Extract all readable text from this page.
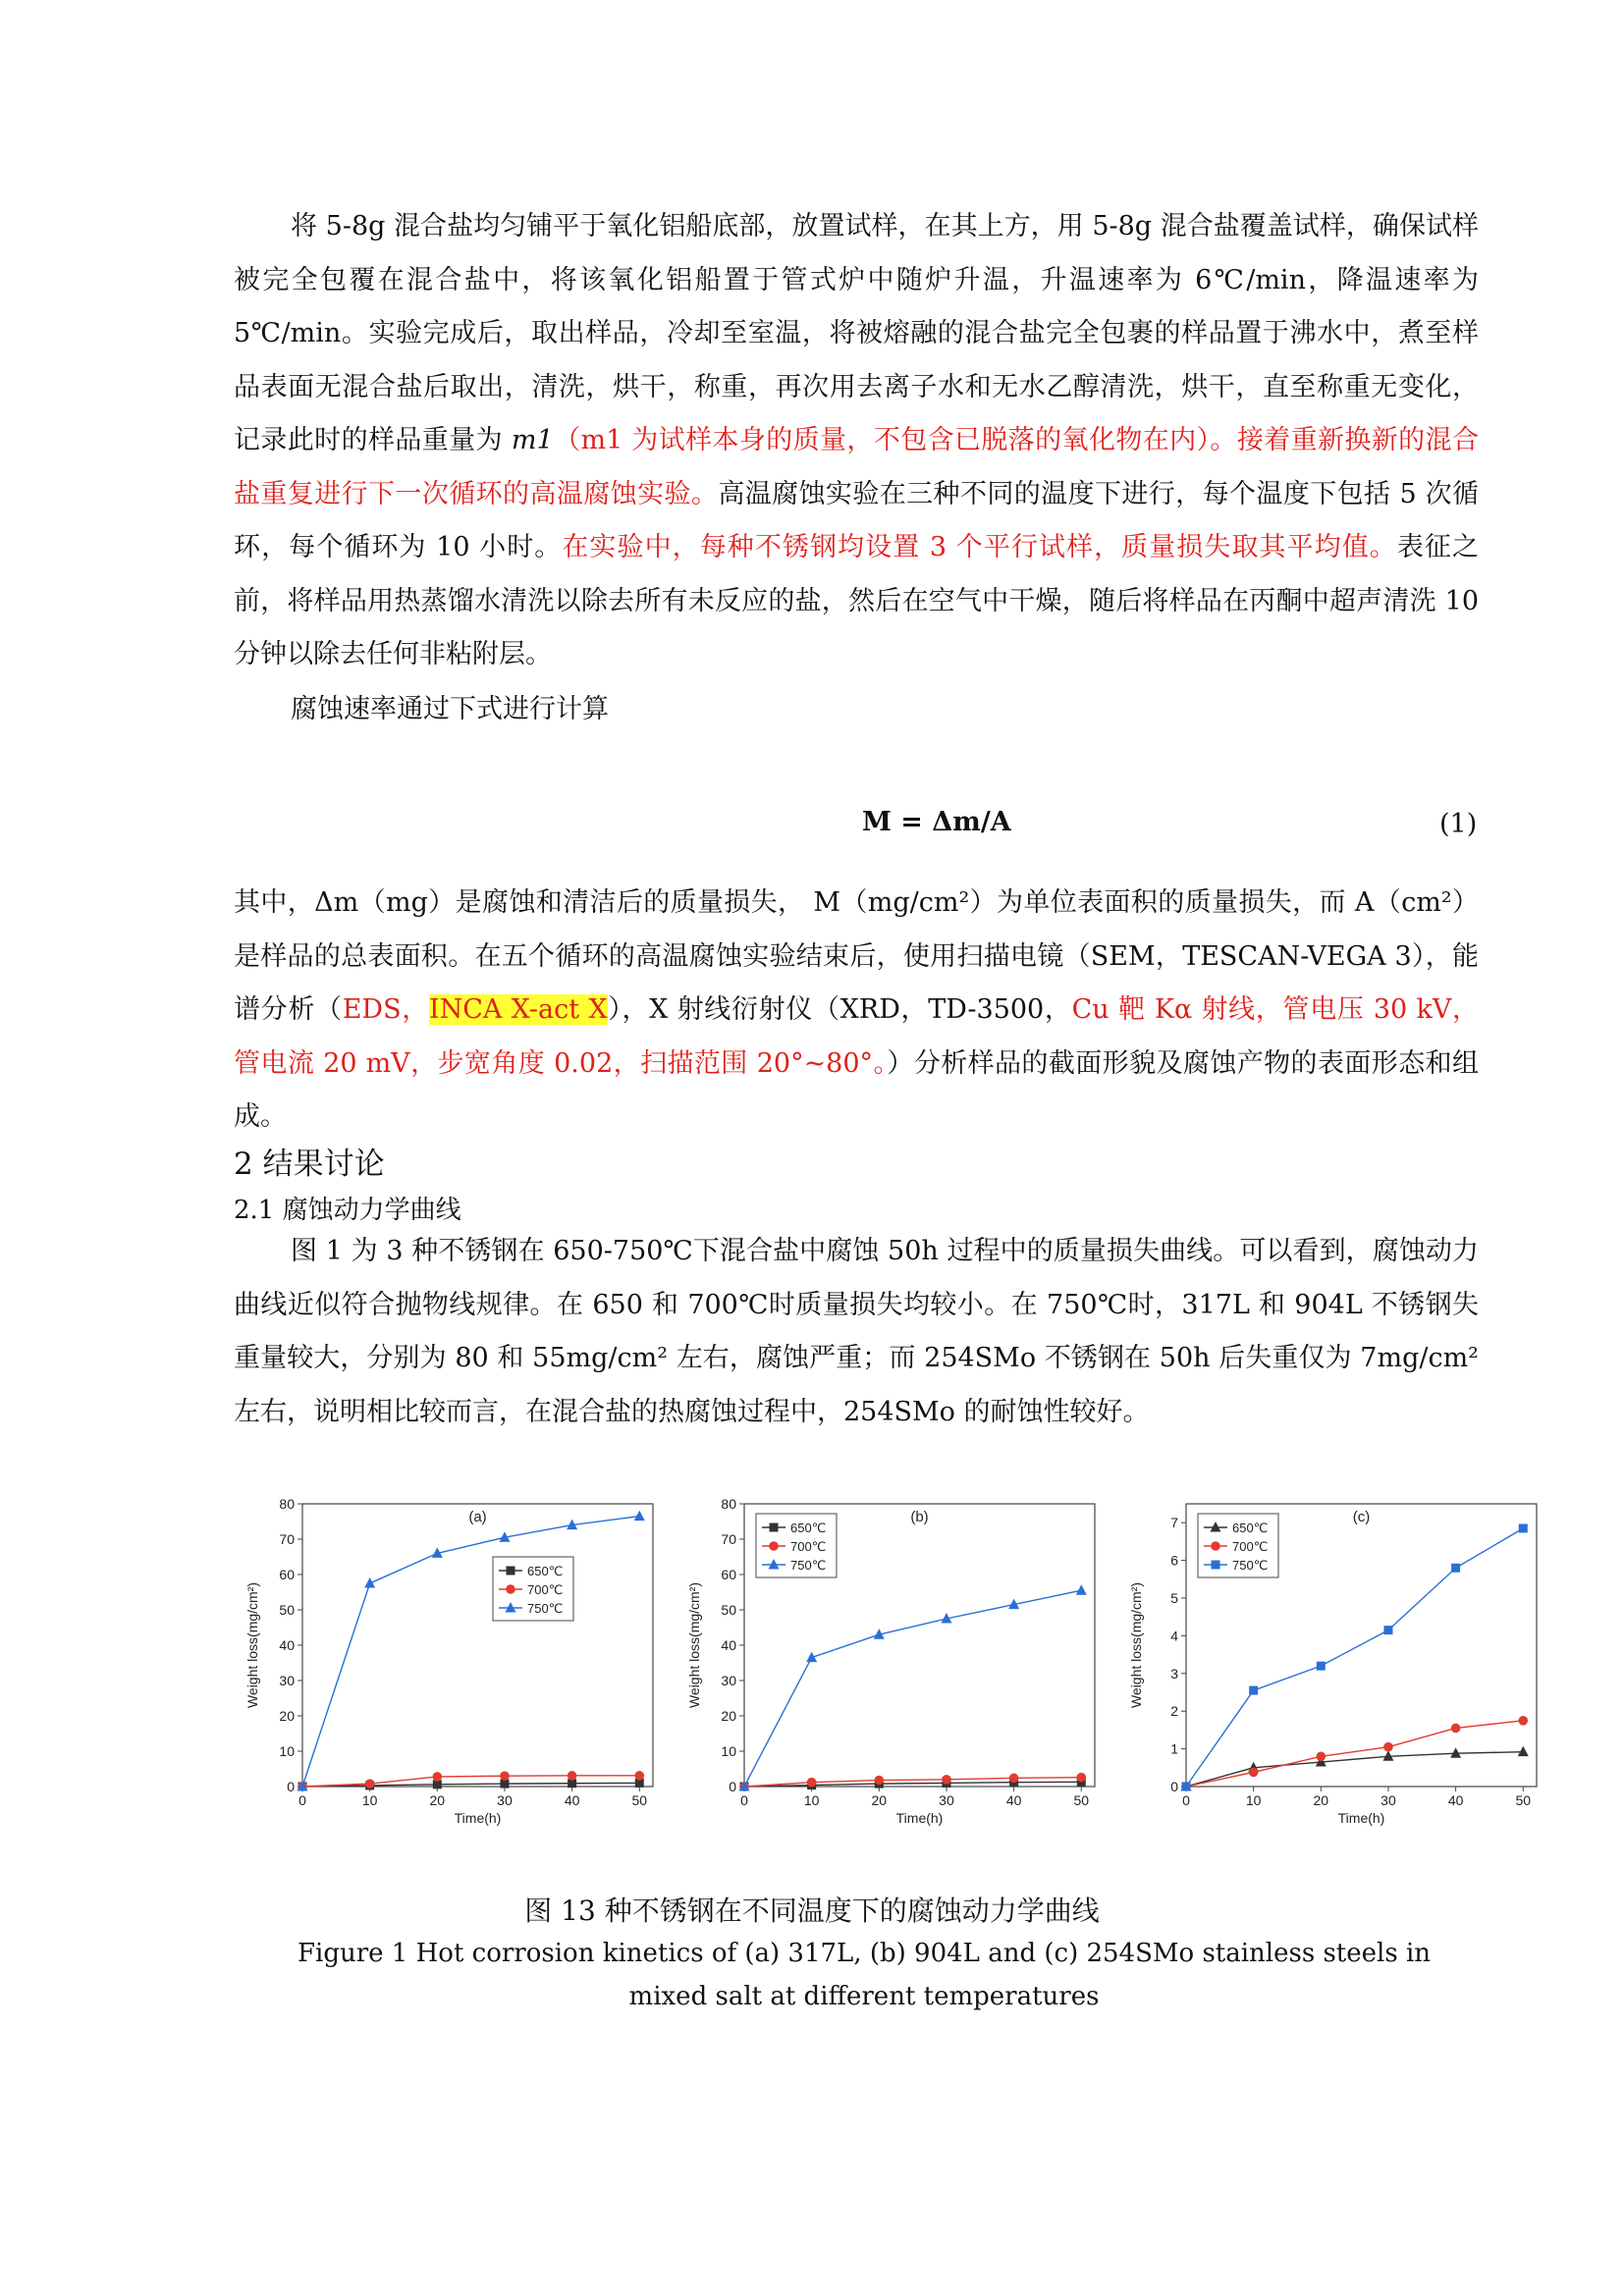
将 5-8g 混合盐均匀铺平于氧化铝船底部，放置试样，在其上方，用 5-8g 混合盐覆盖试样，确保试样被完全包覆在混合盐中，将该氧化铝船置于管式炉中随炉升温，升温速率为 6℃/min，降温速率为 5℃/min。实验完成后，取出样品，冷却至室温，将被熔融的混合盐完全包裹的样品置于沸水中，煮至样品表面无混合盐后取出，清洗，烘干，称重，再次用去离子水和无水乙醇清洗，烘干，直至称重无变化，记录此时的样品重量为 m1（m1 为试样本身的质量，不包含已脱落的氧化物在内）。接着重新换新的混合盐重复进行下一次循环的高温腐蚀实验。高温腐蚀实验在三种不同的温度下进行，每个温度下包括 5 次循环，每个循环为 10 小时。在实验中，每种不锈钢均设置 3 个平行试样，质量损失取其平均值。表征之前，将样品用热蒸馏水清洗以除去所有未反应的盐，然后在空气中干燥，随后将样品在丙酮中超声清洗 10 分钟以除去任何非粘附层。

腐蚀速率通过下式进行计算

M = Δm/A	(1)

其中，Δm（mg）是腐蚀和清洁后的质量损失， M（mg/cm²）为单位表面积的质量损失，而 A（cm²）是样品的总表面积。在五个循环的高温腐蚀实验结束后，使用扫描电镜（SEM，TESCAN-VEGA 3），能谱分析（EDS，INCA X-act X），X 射线衍射仪（XRD，TD-3500，Cu 靶 Kα 射线，管电压 30 kV，管电流 20 mV，步宽角度 0.02，扫描范围 20°~80°。）分析样品的截面形貌及腐蚀产物的表面形态和组成。

2 结果讨论
2.1 腐蚀动力学曲线

图 1 为 3 种不锈钢在 650-750℃下混合盐中腐蚀 50h 过程中的质量损失曲线。可以看到，腐蚀动力曲线近似符合抛物线规律。在 650 和 700℃时质量损失均较小。在 750℃时，317L 和 904L 不锈钢失重量较大，分别为 80 和 55mg/cm² 左右，腐蚀严重；而 254SMo 不锈钢在 50h 后失重仅为 7mg/cm² 左右，说明相比较而言，在混合盐的热腐蚀过程中，254SMo 的耐蚀性较好。

(a)
0	10	20	30	40	50
0
10
20
30
40
50
60
70
80
Time(h)
Weight loss(mg/cm²)
650℃
700℃
750℃
(b)
0	10	20	30	40	50
0
10
20
30
40
50
60
70
80
Time(h)
Weight loss(mg/cm²)
650℃
700℃
750℃
(c)
0	10	20	30	40	50
0
1
2
3
4
5
6
7
Time(h)
Weight loss(mg/cm²)
650℃
700℃
750℃
图 13 种不锈钢在不同温度下的腐蚀动力学曲线
Figure 1 Hot corrosion kinetics of (a) 317L, (b) 904L and (c) 254SMo stainless steels in mixed salt at different temperatures
